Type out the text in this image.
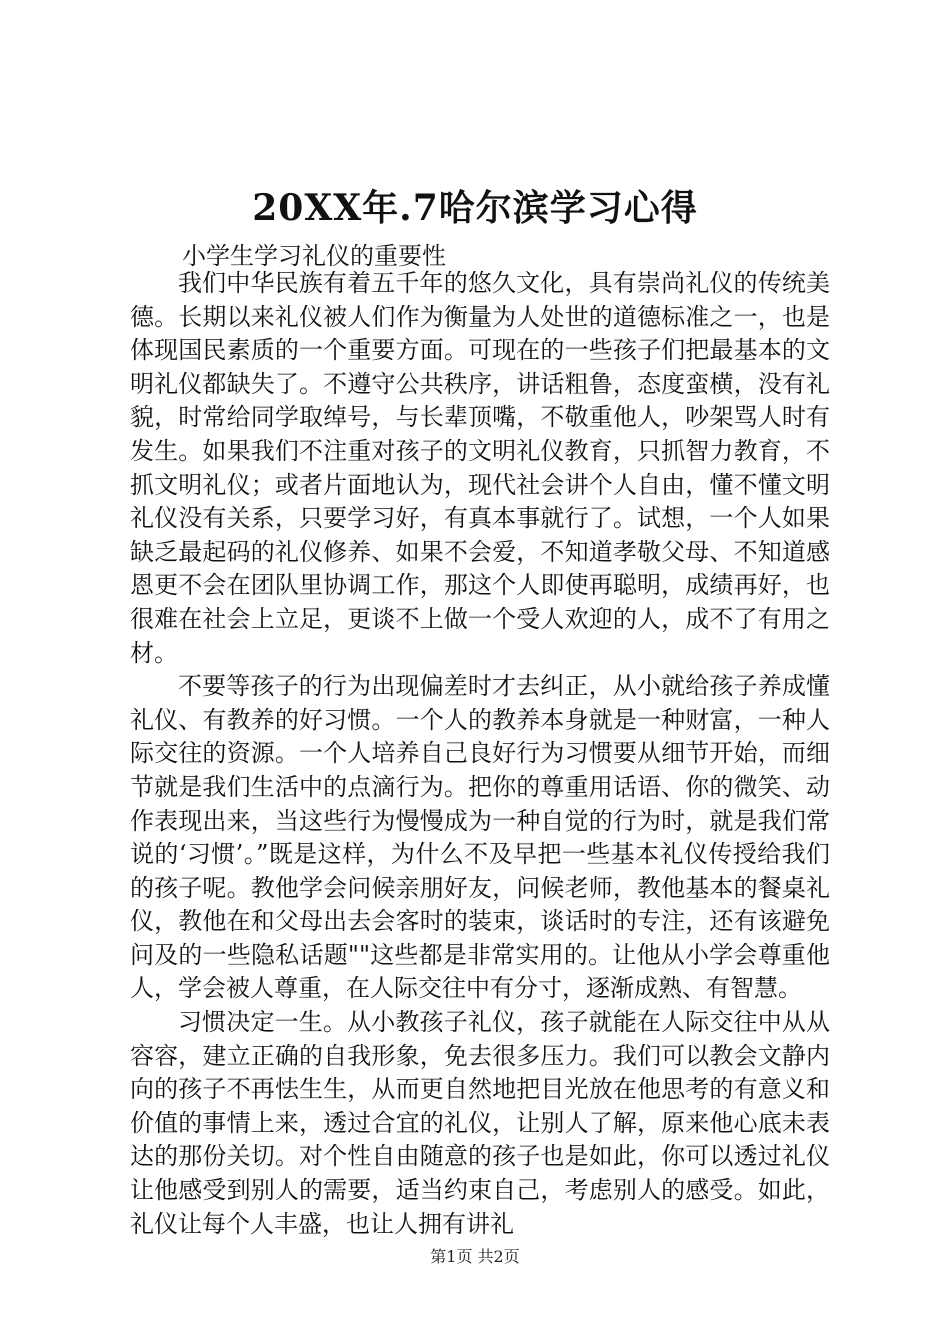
20XX年.7哈尔滨学习心得
小学生学习礼仪的重要性

我们中华民族有着五千年的悠久文化，具有崇尚礼仪的传统美德。长期以来礼仪被人们作为衡量为人处世的道德标准之一，也是体现国民素质的一个重要方面。可现在的一些孩子们把最基本的文明礼仪都缺失了。不遵守公共秩序，讲话粗鲁，态度蛮横，没有礼貌，时常给同学取绰号，与长辈顶嘴，不敬重他人，吵架骂人时有发生。如果我们不注重对孩子的文明礼仪教育，只抓智力教育，不抓文明礼仪；或者片面地认为，现代社会讲个人自由，懂不懂文明礼仪没有关系，只要学习好，有真本事就行了。试想，一个人如果缺乏最起码的礼仪修养、如果不会爱，不知道孝敬父母、不知道感恩更不会在团队里协调工作，那这个人即使再聪明，成绩再好，也很难在社会上立足，更谈不上做一个受人欢迎的人，成不了有用之材。

不要等孩子的行为出现偏差时才去纠正，从小就给孩子养成懂礼仪、有教养的好习惯。一个人的教养本身就是一种财富，一种人际交往的资源。一个人培养自己良好行为习惯要从细节开始，而细节就是我们生活中的点滴行为。把你的尊重用话语、你的微笑、动作表现出来，当这些行为慢慢成为一种自觉的行为时，就是我们常说的‘习惯’。”既是这样，为什么不及早把一些基本礼仪传授给我们的孩子呢。教他学会问候亲朋好友，问候老师，教他基本的餐桌礼仪，教他在和父母出去会客时的装束，谈话时的专注，还有该避免问及的一些隐私话题""这些都是非常实用的。让他从小学会尊重他人，学会被人尊重，在人际交往中有分寸，逐渐成熟、有智慧。

习惯决定一生。从小教孩子礼仪，孩子就能在人际交往中从从容容，建立正确的自我形象，免去很多压力。我们可以教会文静内向的孩子不再怯生生，从而更自然地把目光放在他思考的有意义和价值的事情上来，透过合宜的礼仪，让别人了解，原来他心底未表达的那份关切。对个性自由随意的孩子也是如此，你可以透过礼仪让他感受到别人的需要，适当约束自己，考虑别人的感受。如此，礼仪让每个人丰盛，也让人拥有讲礼

第1页 共2页
